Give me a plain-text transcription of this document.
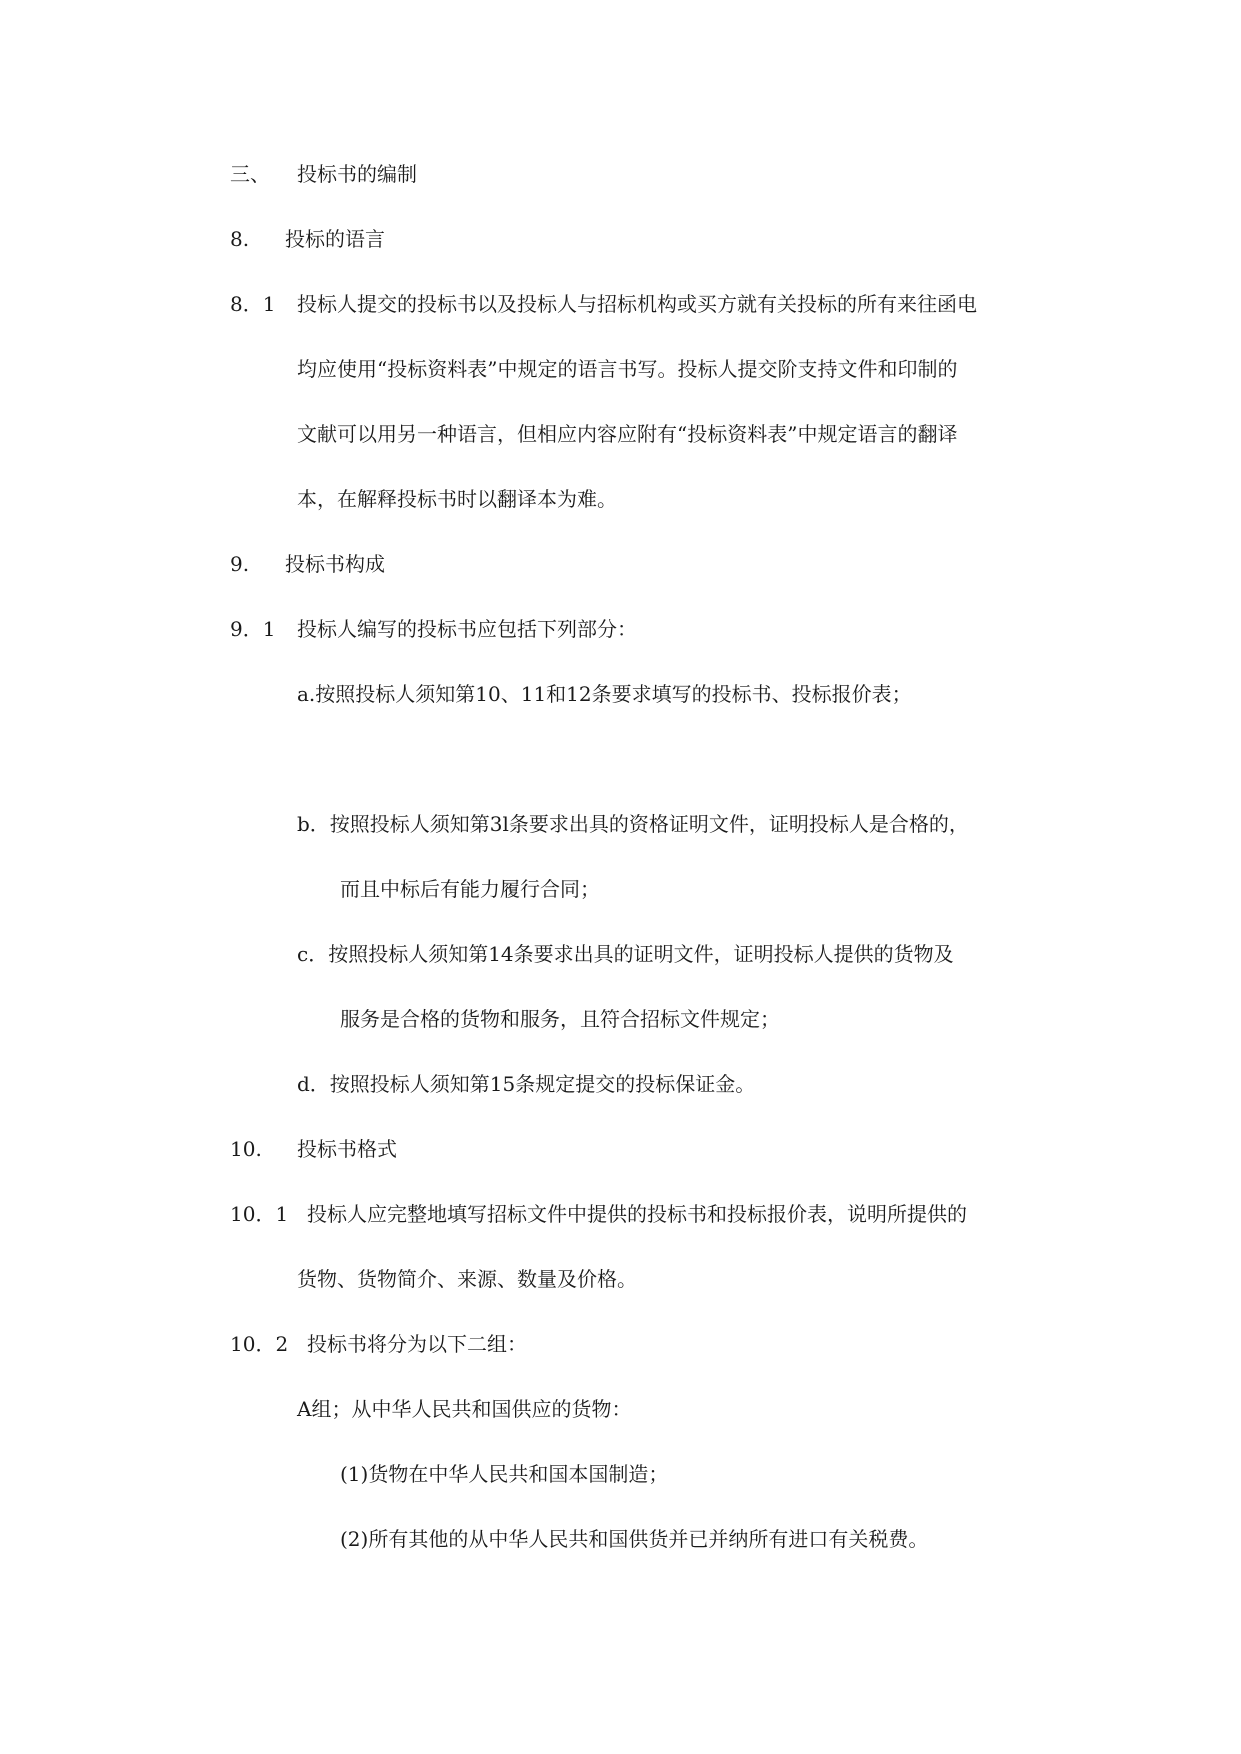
三、 投标书的编制
8. 投标的语言
8．1 投标人提交的投标书以及投标人与招标机构或买方就有关投标的所有来往函电
均应使用“投标资料表”中规定的语言书写。投标人提交阶支持文件和印制的
文献可以用另一种语言，但相应内容应附有“投标资料表”中规定语言的翻译
本，在解释投标书时以翻译本为难。
9. 投标书构成
9．1 投标人编写的投标书应包括下列部分：
a.按照投标人须知第10、11和12条要求填写的投标书、投标报价表；
b．按照投标人须知第3l条要求出具的资格证明文件，证明投标人是合格的，
而且中标后有能力履行合同；
c．按照投标人须知第14条要求出具的证明文件，证明投标人提供的货物及
服务是合格的货物和服务，且符合招标文件规定；
d．按照投标人须知第15条规定提交的投标保证金。
10. 投标书格式
10．1 投标人应完整地填写招标文件中提供的投标书和投标报价表，说明所提供的
货物、货物简介、来源、数量及价格。
10．2 投标书将分为以下二组：
A组；从中华人民共和国供应的货物：
(1)货物在中华人民共和国本国制造；
(2)所有其他的从中华人民共和国供货并已并纳所有进口有关税费。
